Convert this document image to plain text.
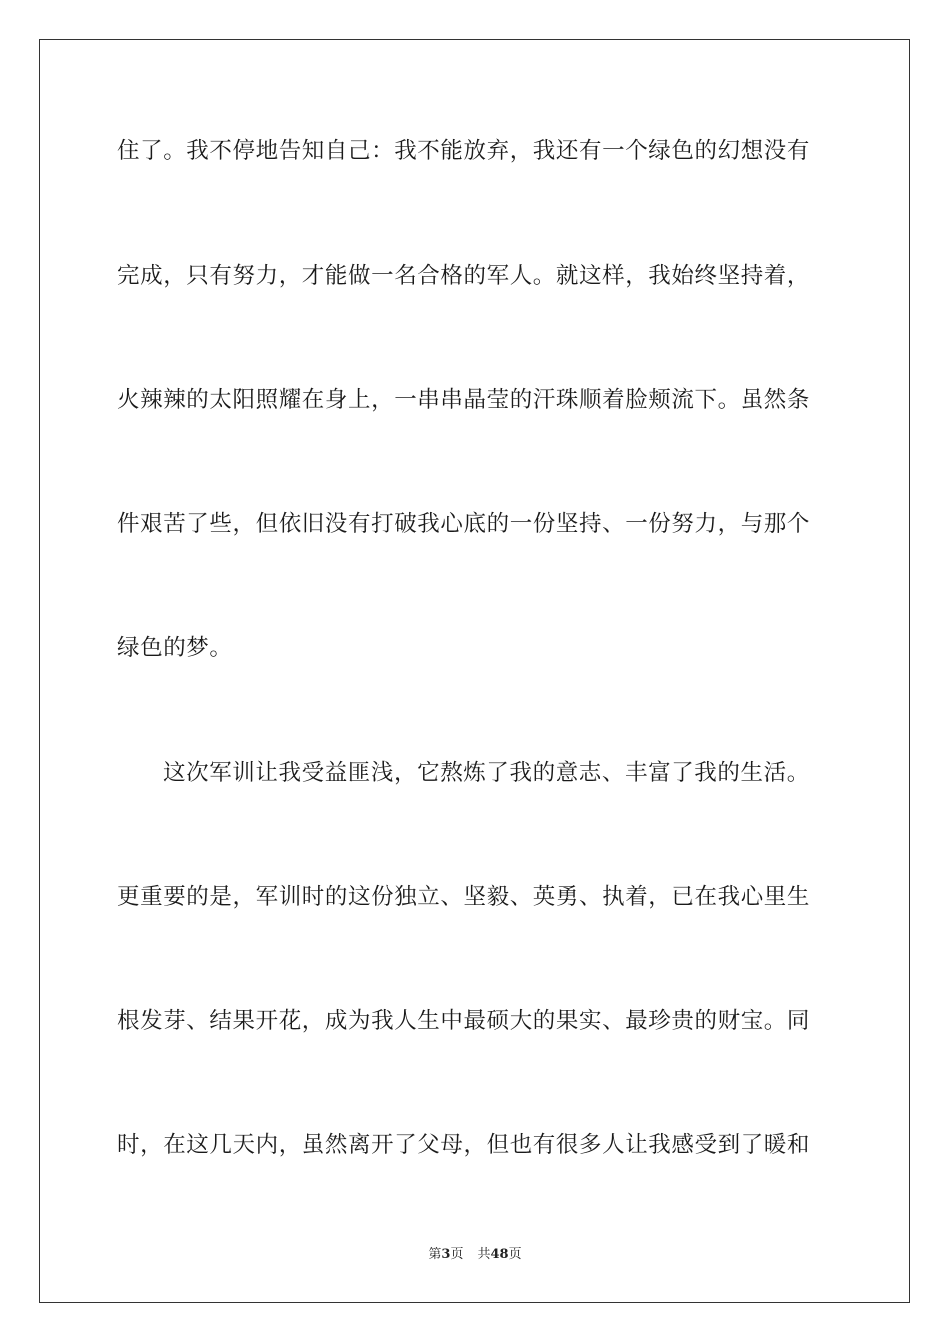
住了。我不停地告知自己：我不能放弃，我还有一个绿色的幻想没有
完成，只有努力，才能做一名合格的军人。就这样，我始终坚持着，
火辣辣的太阳照耀在身上，一串串晶莹的汗珠顺着脸颊流下。虽然条
件艰苦了些，但依旧没有打破我心底的一份坚持、一份努力，与那个
绿色的梦。
这次军训让我受益匪浅，它熬炼了我的意志、丰富了我的生活。
更重要的是，军训时的这份独立、坚毅、英勇、执着，已在我心里生
根发芽、结果开花，成为我人生中最硕大的果实、最珍贵的财宝。同
时，在这几天内，虽然离开了父母，但也有很多人让我感受到了暖和
第3页 共48页
